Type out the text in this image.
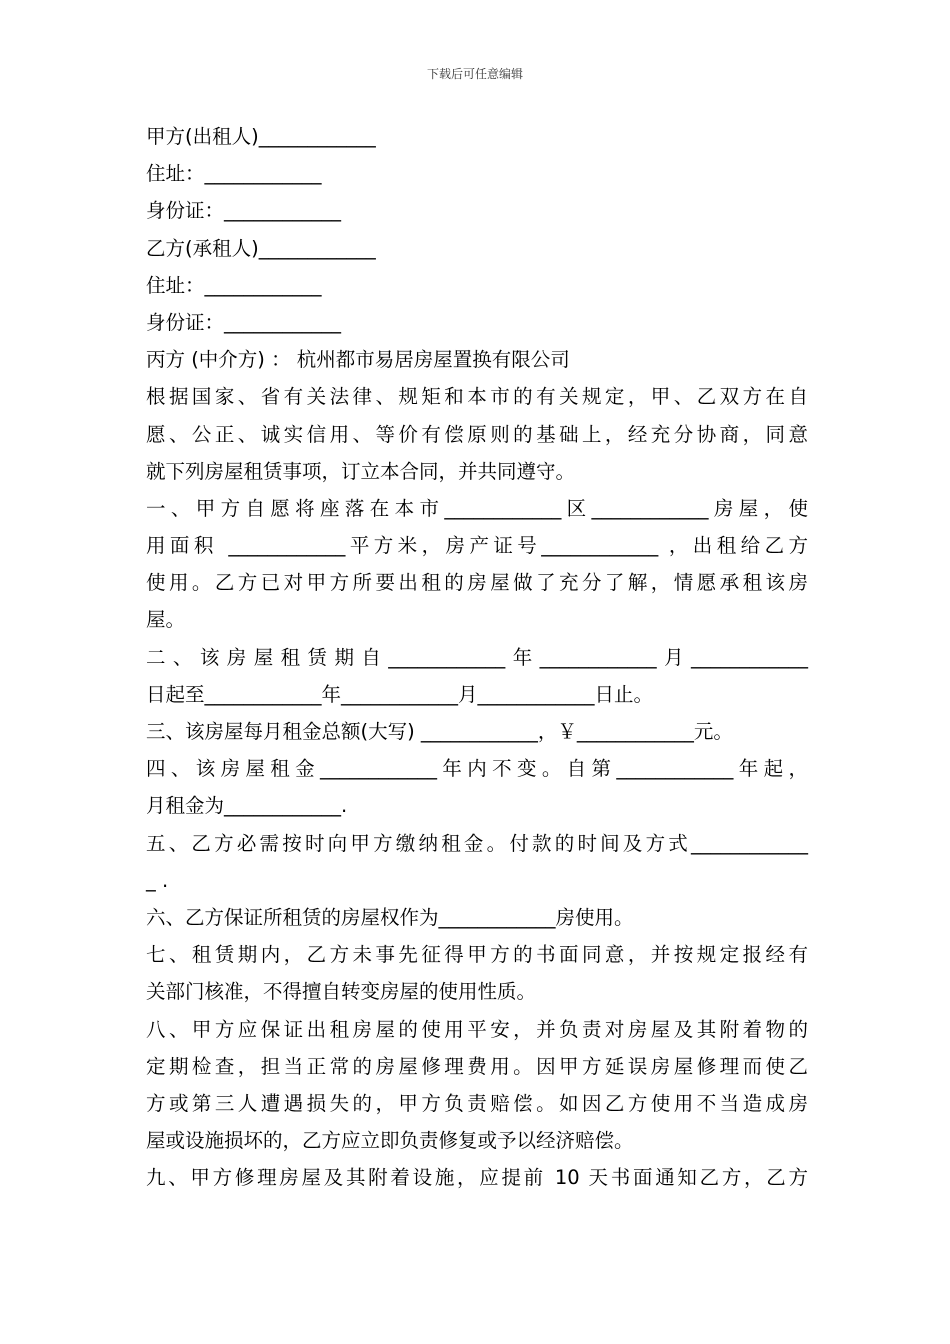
下载后可任意编辑
甲方(出租人)____________
住址：____________
身份证：____________
乙方(承租人)____________
住址：____________
身份证：____________
丙方 (中介方) ： 杭州都市易居房屋置换有限公司
根据国家、省有关法律、规矩和本市的有关规定，甲、乙双方在自
愿、公正、诚实信用、等价有偿原则的基础上，经充分协商，同意
就下列房屋租赁事项，订立本合同，并共同遵守。
一、甲方自愿将座落在本市____________区____________房屋，使
用面积 ____________平方米，房产证号____________ ，出租给乙方
使用。乙方已对甲方所要出租的房屋做了充分了解，情愿承租该房
屋。
二、该房屋租赁期自____________年____________月____________
日起至____________年____________月____________日止。
三、该房屋每月租金总额(大写) ____________，￥____________元。
四、该房屋租金____________年内不变。自第____________年起，
月租金为____________.
五、乙方必需按时向甲方缴纳租金。付款的时间及方式____________
_ .
六、乙方保证所租赁的房屋权作为____________房使用。
七、租赁期内，乙方未事先征得甲方的书面同意，并按规定报经有
关部门核准，不得擅自转变房屋的使用性质。
八、甲方应保证出租房屋的使用平安，并负责对房屋及其附着物的
定期检查，担当正常的房屋修理费用。因甲方延误房屋修理而使乙
方或第三人遭遇损失的，甲方负责赔偿。如因乙方使用不当造成房
屋或设施损坏的，乙方应立即负责修复或予以经济赔偿。
九、甲方修理房屋及其附着设施，应提前 10 天书面通知乙方，乙方
